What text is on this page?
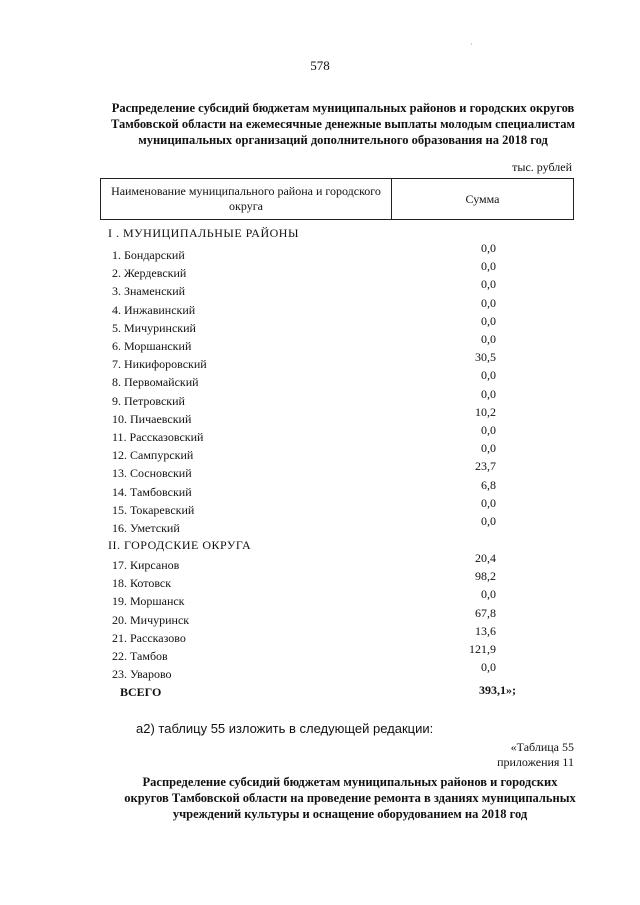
·
578
Распределение субсидий бюджетам муниципальных районов и городских округов Тамбовской области на ежемесячные денежные выплаты молодым специалистам муниципальных организаций дополнительного образования на 2018 год
тыс. рублей
Наименование муниципального района и городского округа
Сумма
I . МУНИЦИПАЛЬНЫЕ РАЙОНЫ
1. Бондарский	0,0
2. Жердевский	0,0
3. Знаменский	0,0
4. Инжавинский	0,0
5. Мичуринский	0,0
6. Моршанский	0,0
7. Никифоровский	30,5
8. Первомайский	0,0
9. Петровский	0,0
10. Пичаевский	10,2
11. Рассказовский	0,0
12. Сампурский	0,0
13. Сосновский	23,7
14. Тамбовский	6,8
15. Токаревский	0,0
16. Уметский	0,0
II. ГОРОДСКИЕ ОКРУГА
17. Кирсанов	20,4
18. Котовск	98,2
19. Моршанск	0,0
20. Мичуринск	67,8
21. Рассказово	13,6
22. Тамбов	121,9
23. Уварово	0,0
ВСЕГО	393,1»;
а2) таблицу 55 изложить в следующей редакции:
«Таблица 55
приложения 11
Распределение субсидий бюджетам муниципальных районов и городских округов Тамбовской области на проведение ремонта в зданиях муниципальных учреждений культуры и оснащение оборудованием на 2018 год
